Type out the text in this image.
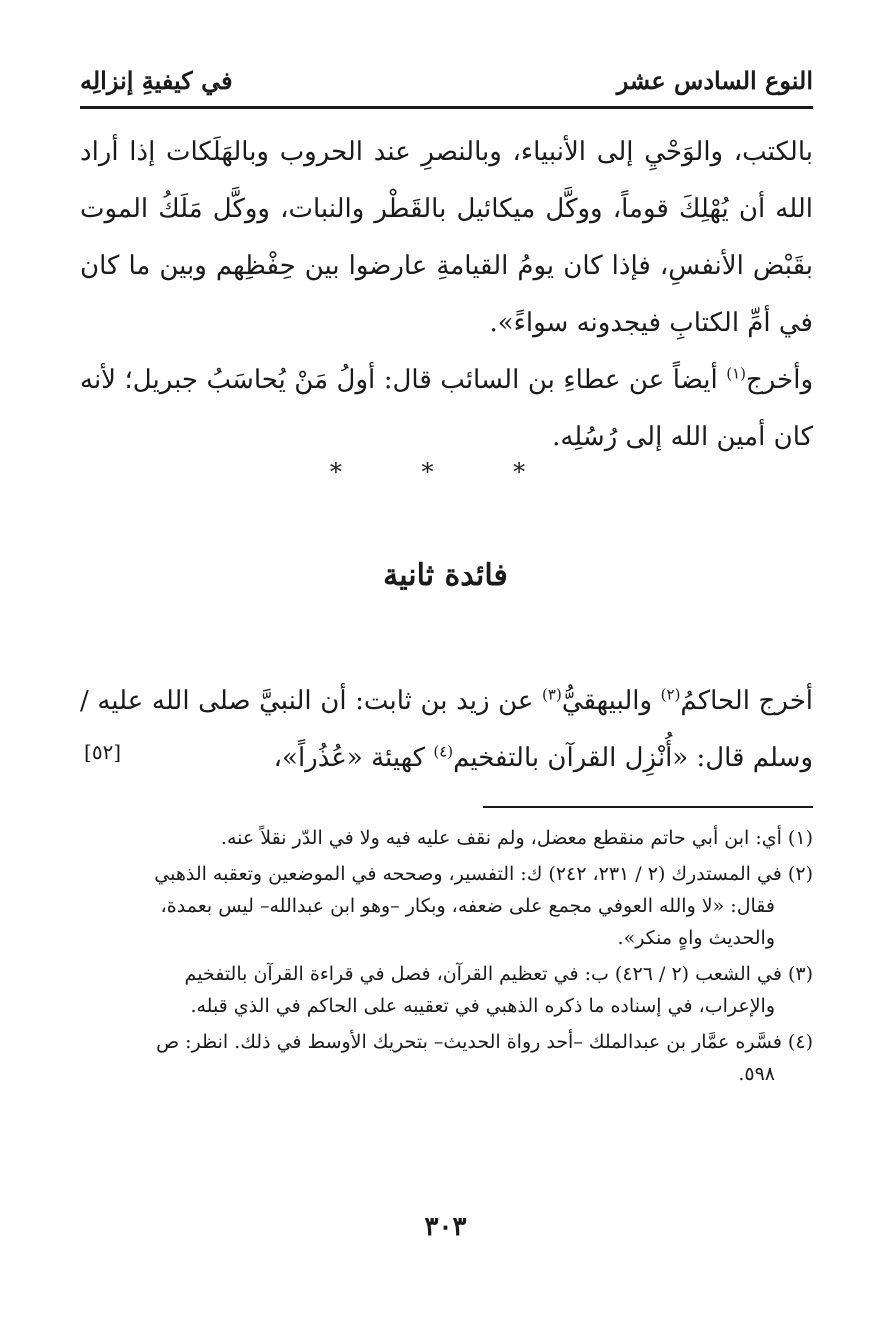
النوع السادس عشر
في كيفيةِ إنزالِه

بالكتب، والوَحْيِ إلى الأنبياء، وبالنصرِ عند الحروب وبالهَلَكات إذا أراد الله أن يُهْلِكَ قوماً، ووكَّل ميكائيل بالقَطْر والنبات، ووكَّل مَلَكُ الموت بقَبْض الأنفسِ، فإذا كان يومُ القيامةِ عارضوا بين حِفْظِهم وبين ما كان في أمِّ الكتابِ فيجدونه سواءً».

وأخرج$^{(١)}$ أيضاً عن عطاءِ بن السائب قال: أولُ مَنْ يُحاسَبُ جبريل؛ لأنه كان أمين الله إلى رُسُلِه.

* * *
فائدة ثانية

أخرج الحاكمُ$^{(٢)}$ والبيهقيُّ$^{(٣)}$ عن زيد بن ثابت: أن النبيَّ صلى الله عليه / وسلم قال: «أُنْزِل القرآن بالتفخيم$^{(٤)}$ كهيئة «عُذُراً»،

[٥٢]

(١) أي: ابن أبي حاتم منقطع معضل، ولم نقف عليه فيه ولا في الدّر نقلاً عنه.

(٢) في المستدرك (٢ / ٢٣١، ٢٤٢) ك: التفسير، وصححه في الموضعين وتعقبه الذهبي
فقال: «لا والله العوفي مجمع على ضعفه، وبكار –وهو ابن عبدالله– ليس بعمدة،
والحديث واهٍ منكر».

(٣) في الشعب (٢ / ٤٢٦) ب: في تعظيم القرآن، فصل في قراءة القرآن بالتفخيم
والإعراب، في إسناده ما ذكره الذهبي في تعقيبه على الحاكم في الذي قبله.

(٤) فسَّره عمَّار بن عبدالملك –أحد رواة الحديث– بتحريك الأوسط في ذلك. انظر: ص
٥٩٨.

٣٠٣
